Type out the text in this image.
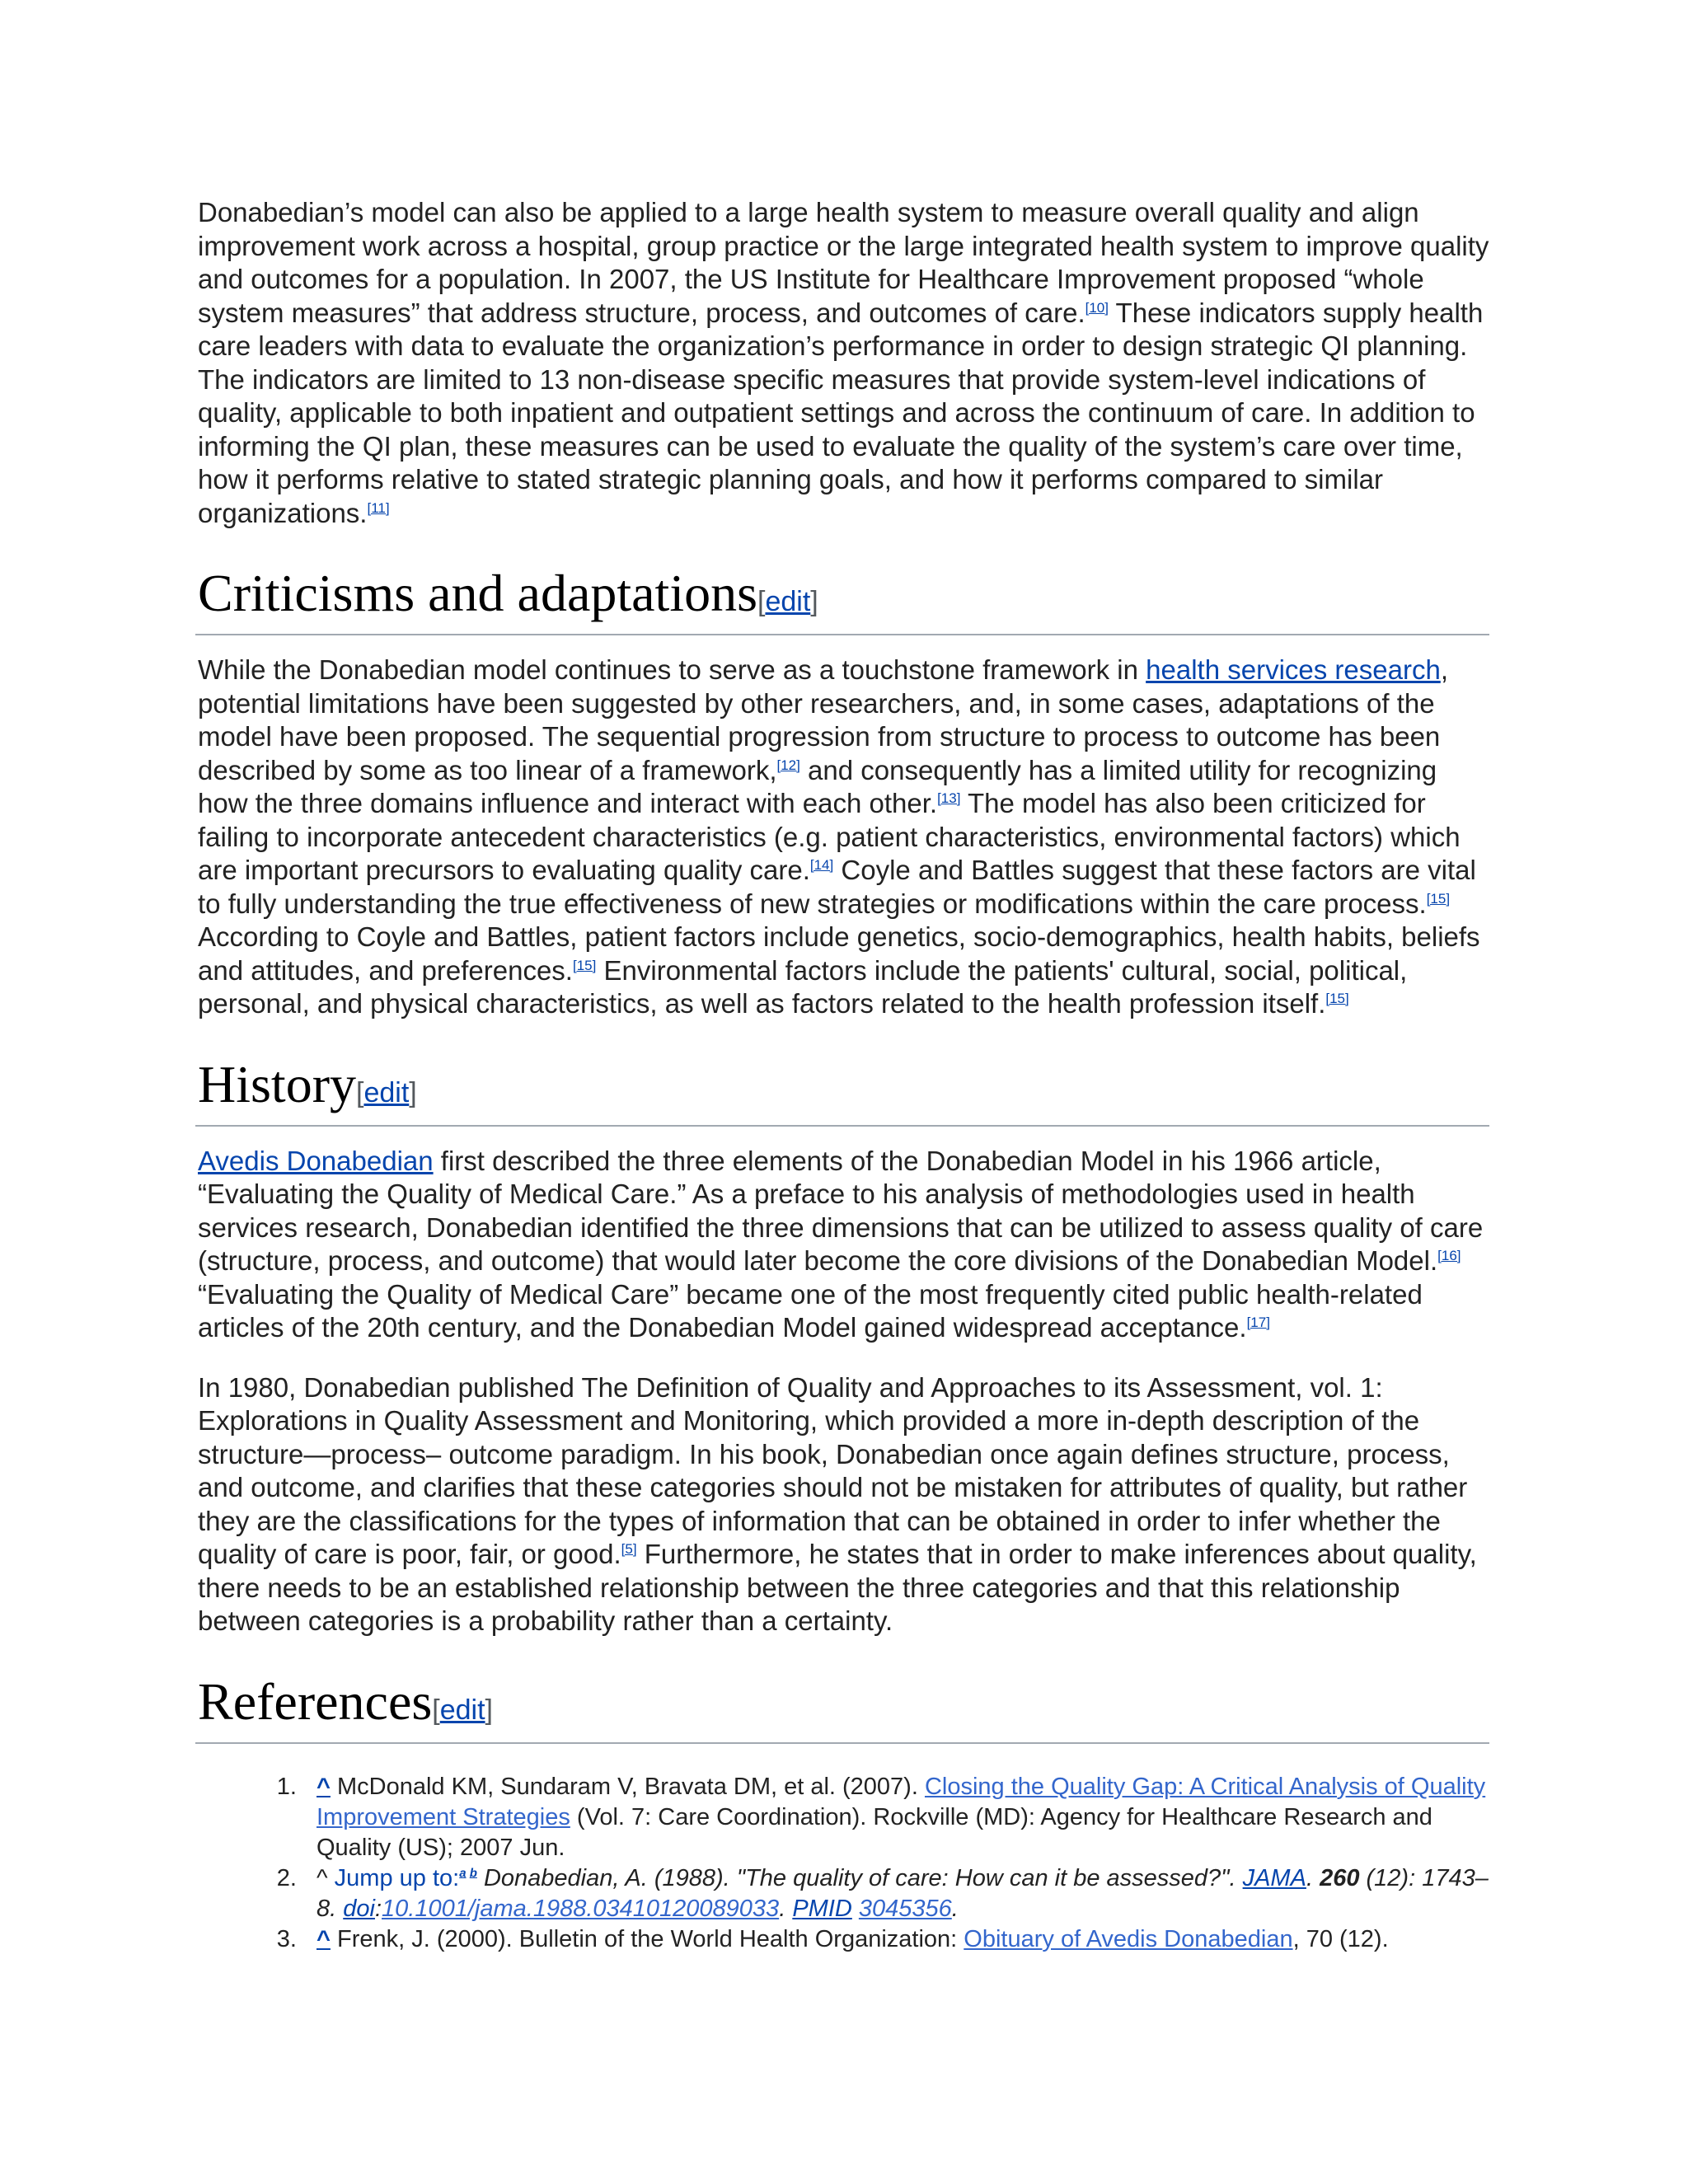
Donabedian’s model can also be applied to a large health system to measure overall quality and align improvement work across a hospital, group practice or the large integrated health system to improve quality and outcomes for a population. In 2007, the US Institute for Healthcare Improvement proposed “whole system measures” that address structure, process, and outcomes of care.[10] These indicators supply health care leaders with data to evaluate the organization’s performance in order to design strategic QI planning. The indicators are limited to 13 non-disease specific measures that provide system-level indications of quality, applicable to both inpatient and outpatient settings and across the continuum of care. In addition to informing the QI plan, these measures can be used to evaluate the quality of the system’s care over time, how it performs relative to stated strategic planning goals, and how it performs compared to similar organizations.[11]

Criticisms and adaptations[edit]

While the Donabedian model continues to serve as a touchstone framework in health services research, potential limitations have been suggested by other researchers, and, in some cases, adaptations of the model have been proposed. The sequential progression from structure to process to outcome has been described by some as too linear of a framework,[12] and consequently has a limited utility for recognizing how the three domains influence and interact with each other.[13] The model has also been criticized for failing to incorporate antecedent characteristics (e.g. patient characteristics, environmental factors) which are important precursors to evaluating quality care.[14] Coyle and Battles suggest that these factors are vital to fully understanding the true effectiveness of new strategies or modifications within the care process.[15] According to Coyle and Battles, patient factors include genetics, socio-demographics, health habits, beliefs and attitudes, and preferences.[15] Environmental factors include the patients' cultural, social, political, personal, and physical characteristics, as well as factors related to the health profession itself.[15]

History[edit]

Avedis Donabedian first described the three elements of the Donabedian Model in his 1966 article, “Evaluating the Quality of Medical Care.” As a preface to his analysis of methodologies used in health services research, Donabedian identified the three dimensions that can be utilized to assess quality of care (structure, process, and outcome) that would later become the core divisions of the Donabedian Model.[16] “Evaluating the Quality of Medical Care” became one of the most frequently cited public health-related articles of the 20th century, and the Donabedian Model gained widespread acceptance.[17]

In 1980, Donabedian published The Definition of Quality and Approaches to its Assessment, vol. 1: Explorations in Quality Assessment and Monitoring, which provided a more in-depth description of the structure—process– outcome paradigm. In his book, Donabedian once again defines structure, process, and outcome, and clarifies that these categories should not be mistaken for attributes of quality, but rather they are the classifications for the types of information that can be obtained in order to infer whether the quality of care is poor, fair, or good.[5] Furthermore, he states that in order to make inferences about quality, there needs to be an established relationship between the three categories and that this relationship between categories is a probability rather than a certainty.

References[edit]
1. ^ McDonald KM, Sundaram V, Bravata DM, et al. (2007). Closing the Quality Gap: A Critical Analysis of Quality Improvement Strategies (Vol. 7: Care Coordination). Rockville (MD): Agency for Healthcare Research and Quality (US); 2007 Jun.
2. ^ Jump up to:$^{a b}$ Donabedian, A. (1988). "The quality of care: How can it be assessed?". JAMA. 260 (12): 1743–8. doi:10.1001/jama.1988.03410120089033. PMID 3045356.
3. ^ Frenk, J. (2000). Bulletin of the World Health Organization: Obituary of Avedis Donabedian, 70 (12).
